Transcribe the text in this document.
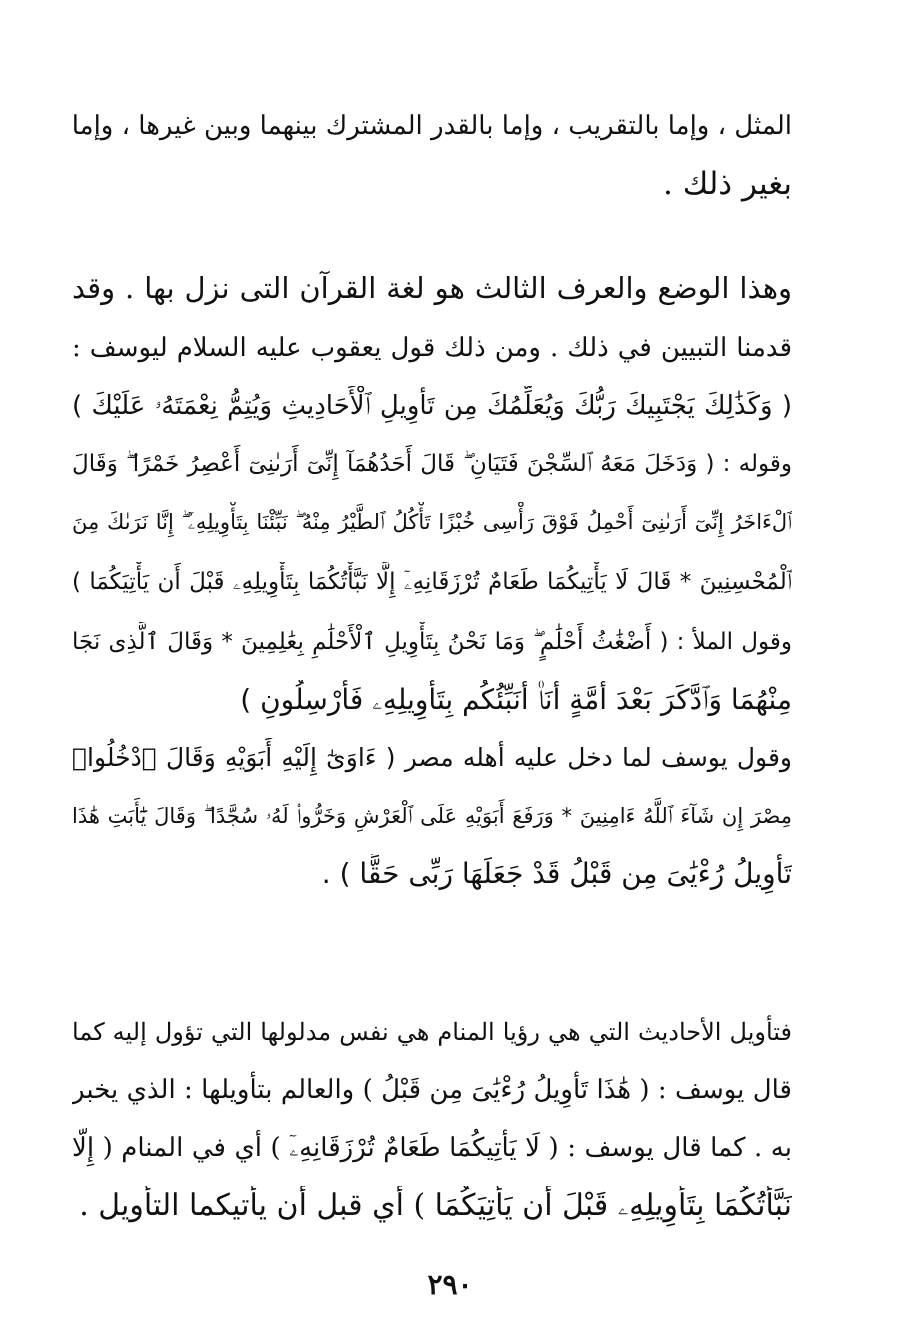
المثل ، وإما بالتقريب ، وإما بالقدر المشترك بينهما وبين غيرها ، وإما
بغير ذلك .
وهذا الوضع والعرف الثالث هو لغة القرآن التى نزل بها . وقد
قدمنا التبيين في ذلك . ومن ذلك قول يعقوب عليه السلام ليوسف :
( وَكَذَٰلِكَ يَجْتَبِيكَ رَبُّكَ وَيُعَلِّمُكَ مِن تَأْوِيلِ ٱلْأَحَادِيثِ وَيُتِمُّ نِعْمَتَهُۥ عَلَيْكَ )
وقوله : ( وَدَخَلَ مَعَهُ ٱلسِّجْنَ فَتَيَانِ ۖ قَالَ أَحَدُهُمَآ إِنِّىٓ أَرَىٰنِىٓ أَعْصِرُ خَمْرًا ۖ وَقَالَ
ٱلْءَاخَرُ إِنِّىٓ أَرَىٰنِىٓ أَحْمِلُ فَوْقَ رَأْسِى خُبْزًا تَأْكُلُ ٱلطَّيْرُ مِنْهُ ۖ نَبِّئْنَا بِتَأْوِيلِهِۦٓ ۖ إِنَّا نَرَىٰكَ مِنَ
ٱلْمُحْسِنِينَ * قَالَ لَا يَأْتِيكُمَا طَعَامٌ تُرْزَقَانِهِۦٓ إِلَّا نَبَّأْتُكُمَا بِتَأْوِيلِهِۦ قَبْلَ أَن يَأْتِيَكُمَا )
وقول الملأ : ( أَضْغَٰثُ أَحْلَٰمٍ ۖ وَمَا نَحْنُ بِتَأْوِيلِ ٱلْأَحْلَٰمِ بِعَٰلِمِينَ * وَقَالَ ٱلَّذِى نَجَا
مِنْهُمَا وَٱدَّكَرَ بَعْدَ أُمَّةٍ أَنَا۠ أُنَبِّئُكُم بِتَأْوِيلِهِۦ فَأَرْسِلُونِ )
وقول يوسف لما دخل عليه أهله مصر ( ءَاوَىٰٓ إِلَيْهِ أَبَوَيْهِ وَقَالَ ٱدْخُلُوا۟
مِصْرَ إِن شَآءَ ٱللَّهُ ءَامِنِينَ * وَرَفَعَ أَبَوَيْهِ عَلَى ٱلْعَرْشِ وَخَرُّوا۟ لَهُۥ سُجَّدًا ۖ وَقَالَ يَٰٓأَبَتِ هَٰذَا
تَأْوِيلُ رُءْيَٰىَ مِن قَبْلُ قَدْ جَعَلَهَا رَبِّى حَقًّا ) .
فتأويل الأحاديث التي هي رؤيا المنام هي نفس مدلولها التي تؤول إليه كما
قال يوسف : ( هَٰذَا تَأْوِيلُ رُءْيَٰىَ مِن قَبْلُ ) والعالم بتأويلها : الذي يخبر
به . كما قال يوسف : ( لَا يَأْتِيكُمَا طَعَامٌ تُرْزَقَانِهِۦٓ ) أي في المنام ( إِلَّا
نَبَّأْتُكُمَا بِتَأْوِيلِهِۦ قَبْلَ أَن يَأْتِيَكُمَا ) أي قبل أن يأتيكما التأويل .
٢٩٠
